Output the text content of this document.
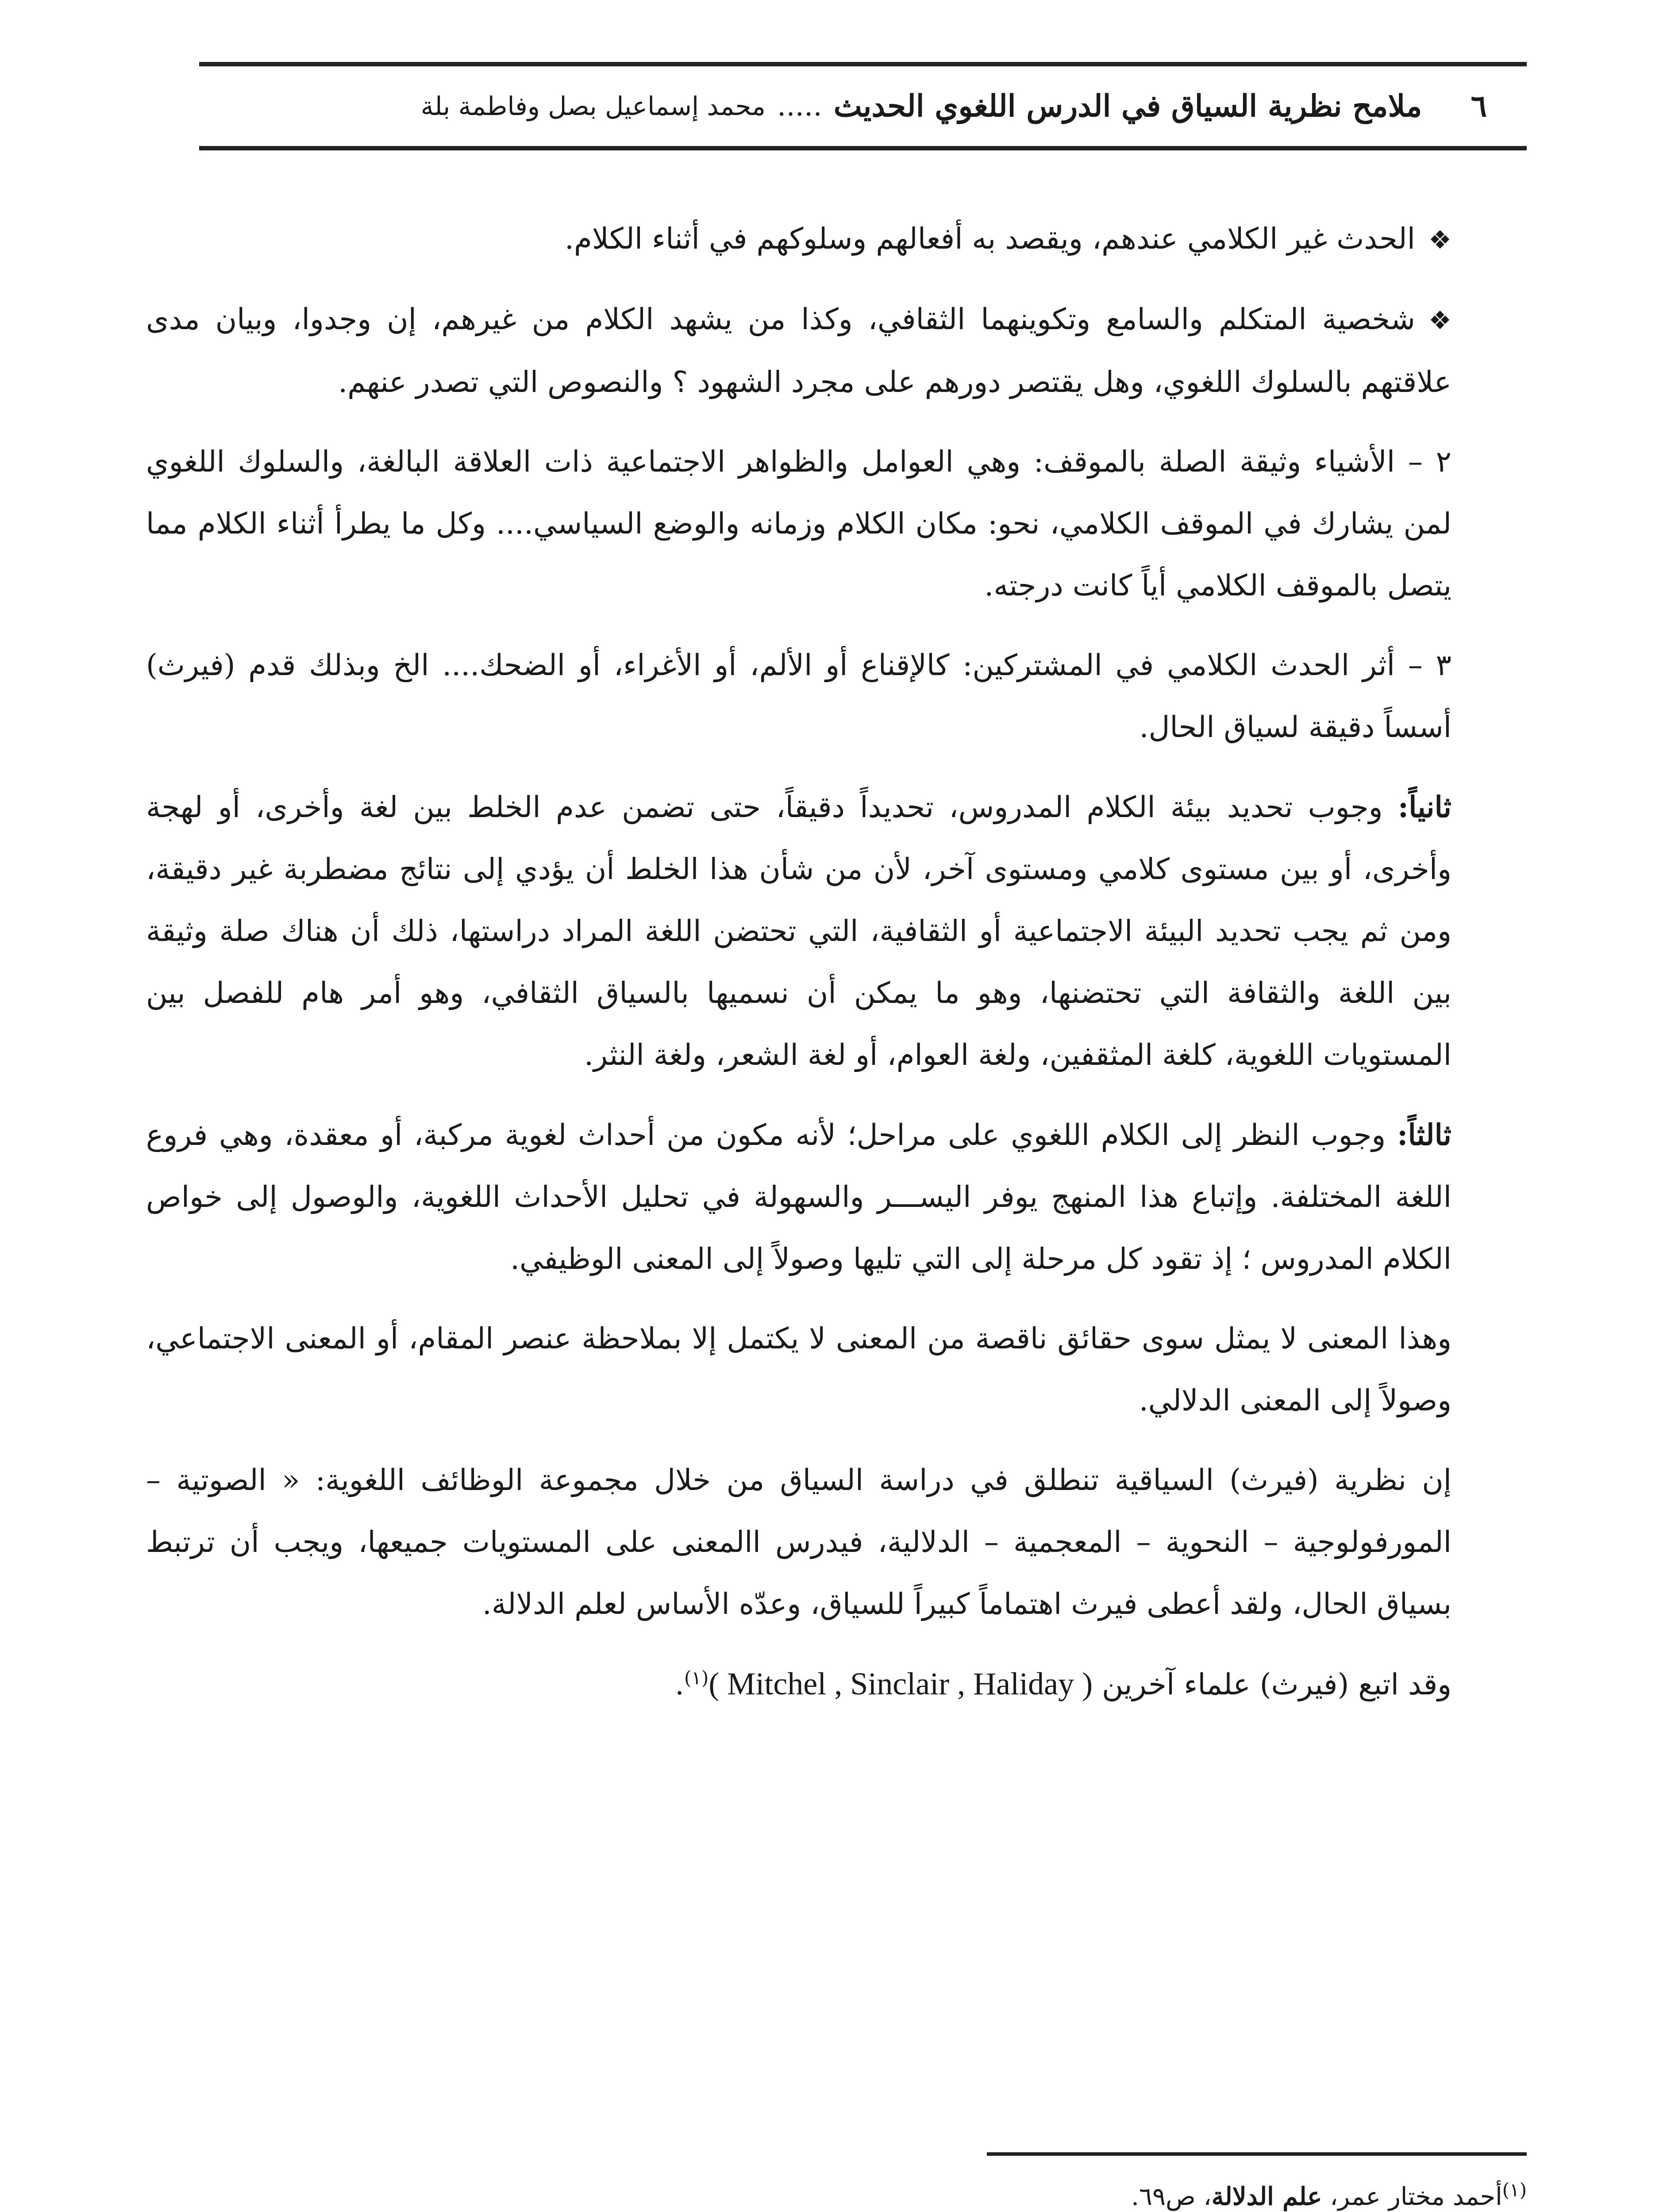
٦
ملامح نظرية السياق في الدرس اللغوي الحديث
.....
محمد إسماعيل بصل وفاطمة بلة

❖الحدث غير الكلامي عندهم، ويقصد به أفعالهم وسلوكهم في أثناء الكلام.

❖شخصية المتكلم والسامع وتكوينهما الثقافي، وكذا من يشهد الكلام من غيرهم، إن وجدوا، وبيان مدى علاقتهم بالسلوك اللغوي، وهل يقتصر دورهم على مجرد الشهود ؟ والنصوص التي تصدر عنهم.

٢ – الأشياء وثيقة الصلة بالموقف: وهي العوامل والظواهر الاجتماعية ذات العلاقة البالغة، والسلوك اللغوي لمن يشارك في الموقف الكلامي، نحو: مكان الكلام وزمانه والوضع السياسي.... وكل ما يطرأ أثناء الكلام مما يتصل بالموقف الكلامي أياً كانت درجته.

٣ – أثر الحدث الكلامي في المشتركين: كالإقناع أو الألم، أو الأغراء، أو الضحك.... الخ وبذلك قدم (فيرث) أسساً دقيقة لسياق الحال.

ثانياً: وجوب تحديد بيئة الكلام المدروس، تحديداً دقيقاً، حتى تضمن عدم الخلط بين لغة وأخرى، أو لهجة وأخرى، أو بين مستوى كلامي ومستوى آخر، لأن من شأن هذا الخلط أن يؤدي إلى نتائج مضطربة غير دقيقة، ومن ثم يجب تحديد البيئة الاجتماعية أو الثقافية، التي تحتضن اللغة المراد دراستها، ذلك أن هناك صلة وثيقة بين اللغة والثقافة التي تحتضنها، وهو ما يمكن أن نسميها بالسياق الثقافي، وهو أمر هام للفصل بين المستويات اللغوية، كلغة المثقفين، ولغة العوام، أو لغة الشعر، ولغة النثر.

ثالثاً: وجوب النظر إلى الكلام اللغوي على مراحل؛ لأنه مكون من أحداث لغوية مركبة، أو معقدة، وهي فروع اللغة المختلفة. وإتباع هذا المنهج يوفر اليســـر والسهولة في تحليل الأحداث اللغوية، والوصول إلى خواص الكلام المدروس ؛ إذ تقود كل مرحلة إلى التي تليها وصولاً إلى المعنى الوظيفي.

وهذا المعنى لا يمثل سوى حقائق ناقصة من المعنى لا يكتمل إلا بملاحظة عنصر المقام، أو المعنى الاجتماعي، وصولاً إلى المعنى الدلالي.

إن نظرية (فيرث) السياقية تنطلق في دراسة السياق من خلال مجموعة الوظائف اللغوية: « الصوتية – المورفولوجية – النحوية – المعجمية – الدلالية، فيدرس االمعنى على المستويات جميعها، ويجب أن ترتبط بسياق الحال، ولقد أعطى فيرث اهتماماً كبيراً للسياق، وعدّه الأساس لعلم الدلالة.

وقد اتبع (فيرث) علماء آخرين ( Mitchel , Sinclair , Haliday )$^{(١)}$.

$^{(١)}$أحمد مختار عمر، علم الدلالة، ص٦٩.
